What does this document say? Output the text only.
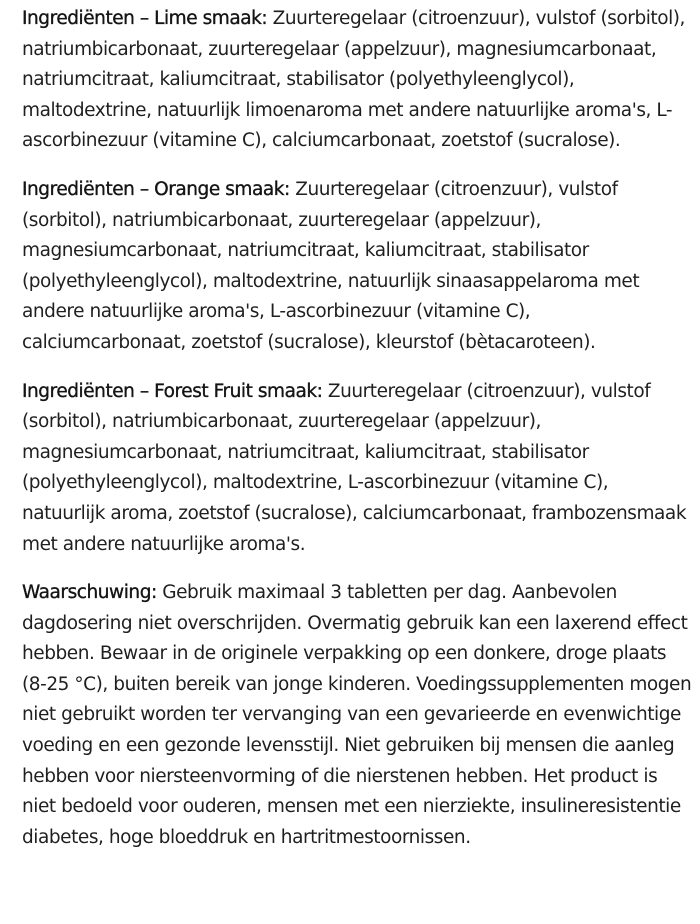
Ingrediënten – Lime smaak: Zuurteregelaar (citroenzuur), vulstof (sorbitol), natriumbicarbonaat, zuurteregelaar (appelzuur), magnesiumcarbonaat, natriumcitraat, kaliumcitraat, stabilisator (polyethyleenglycol), maltodextrine, natuurlijk limoenaroma met andere natuurlijke aroma's, L-ascorbinezuur (vitamine C), calciumcarbonaat, zoetstof (sucralose).

Ingrediënten – Orange smaak: Zuurteregelaar (citroenzuur), vulstof (sorbitol), natriumbicarbonaat, zuurteregelaar (appelzuur), magnesiumcarbonaat, natriumcitraat, kaliumcitraat, stabilisator (polyethyleenglycol), maltodextrine, natuurlijk sinaasappelaroma met andere natuurlijke aroma's, L-ascorbinezuur (vitamine C), calciumcarbonaat, zoetstof (sucralose), kleurstof (bètacaroteen).

Ingrediënten – Forest Fruit smaak: Zuurteregelaar (citroenzuur), vulstof (sorbitol), natriumbicarbonaat, zuurteregelaar (appelzuur), magnesiumcarbonaat, natriumcitraat, kaliumcitraat, stabilisator (polyethyleenglycol), maltodextrine, L-ascorbinezuur (vitamine C), natuurlijk aroma, zoetstof (sucralose), calciumcarbonaat, frambozensmaak met andere natuurlijke aroma's.

Waarschuwing: Gebruik maximaal 3 tabletten per dag. Aanbevolen dagdosering niet overschrijden. Overmatig gebruik kan een laxerend effect hebben. Bewaar in de originele verpakking op een donkere, droge plaats (8-25 °C), buiten bereik van jonge kinderen. Voedingssupplementen mogen niet gebruikt worden ter vervanging van een gevarieerde en evenwichtige voeding en een gezonde levensstijl. Niet gebruiken bij mensen die aanleg hebben voor niersteenvorming of die nierstenen hebben. Het product is niet bedoeld voor ouderen, mensen met een nierziekte, insulineresistentie diabetes, hoge bloeddruk en hartritmestoornissen.
